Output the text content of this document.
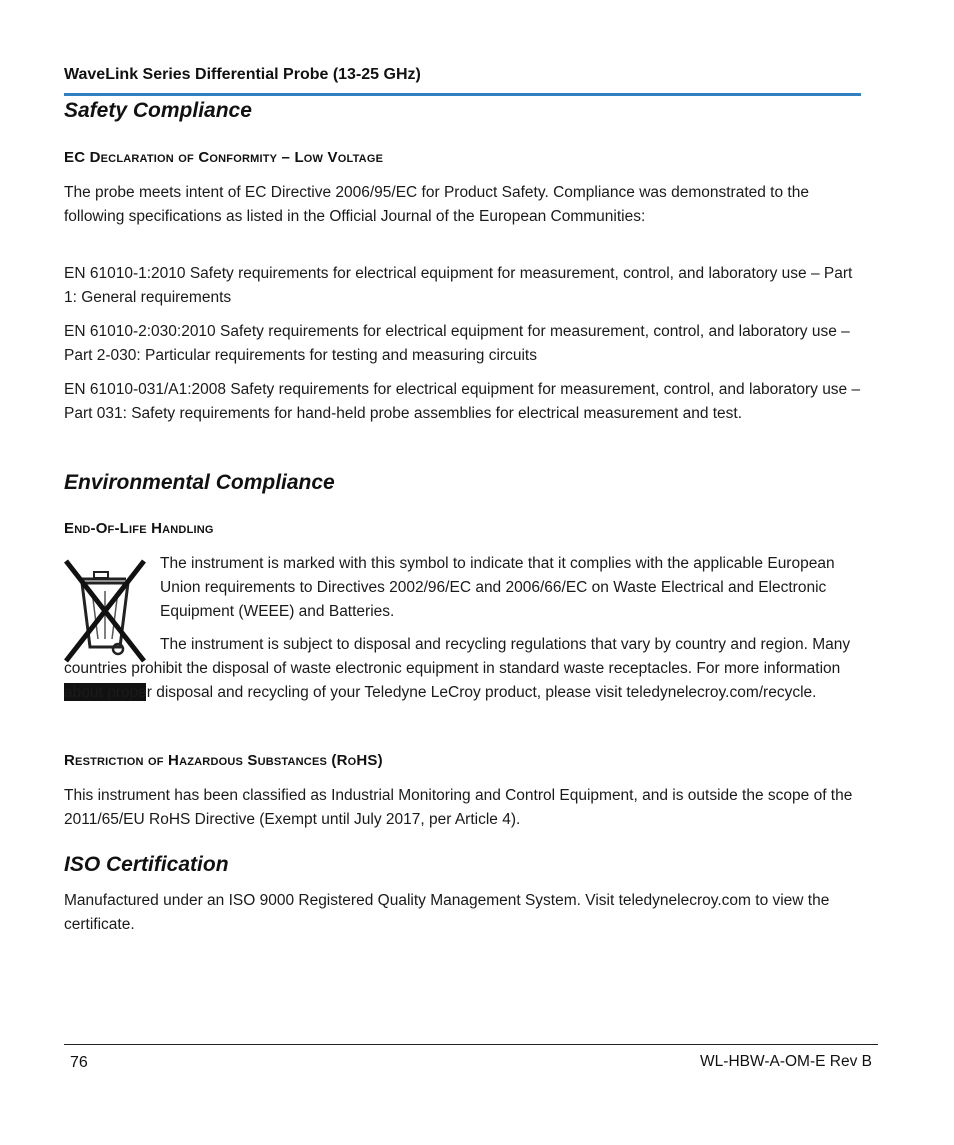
WaveLink Series Differential Probe (13-25 GHz)
Safety Compliance
EC Declaration of Conformity – Low Voltage

The probe meets intent of EC Directive 2006/95/EC for Product Safety. Compliance was demonstrated to the following specifications as listed in the Official Journal of the European Communities:

EN 61010-1:2010 Safety requirements for electrical equipment for measurement, control, and laboratory use – Part 1: General requirements

EN 61010-2:030:2010 Safety requirements for electrical equipment for measurement, control, and laboratory use – Part 2-030: Particular requirements for testing and measuring circuits

EN 61010-031/A1:2008 Safety requirements for electrical equipment for measurement, control, and laboratory use – Part 031: Safety requirements for hand-held probe assemblies for electrical measurement and test.

Environmental Compliance
End-Of-Life Handling

The instrument is marked with this symbol to indicate that it complies with the applicable European Union requirements to Directives 2002/96/EC and 2006/66/EC on Waste Electrical and Electronic Equipment (WEEE) and Batteries.

The instrument is subject to disposal and recycling regulations that vary by country and region. Many countries prohibit the disposal of waste electronic equipment in standard waste receptacles. For more information about proper disposal and recycling of your Teledyne LeCroy product, please visit teledynelecroy.com/recycle.

Restriction of Hazardous Substances (RoHS)

This instrument has been classified as Industrial Monitoring and Control Equipment, and is outside the scope of the 2011/65/EU RoHS Directive (Exempt until July 2017, per Article 4).

ISO Certification

Manufactured under an ISO 9000 Registered Quality Management System. Visit teledynelecroy.com to view the certificate.

76	WL-HBW-A-OM-E Rev B
